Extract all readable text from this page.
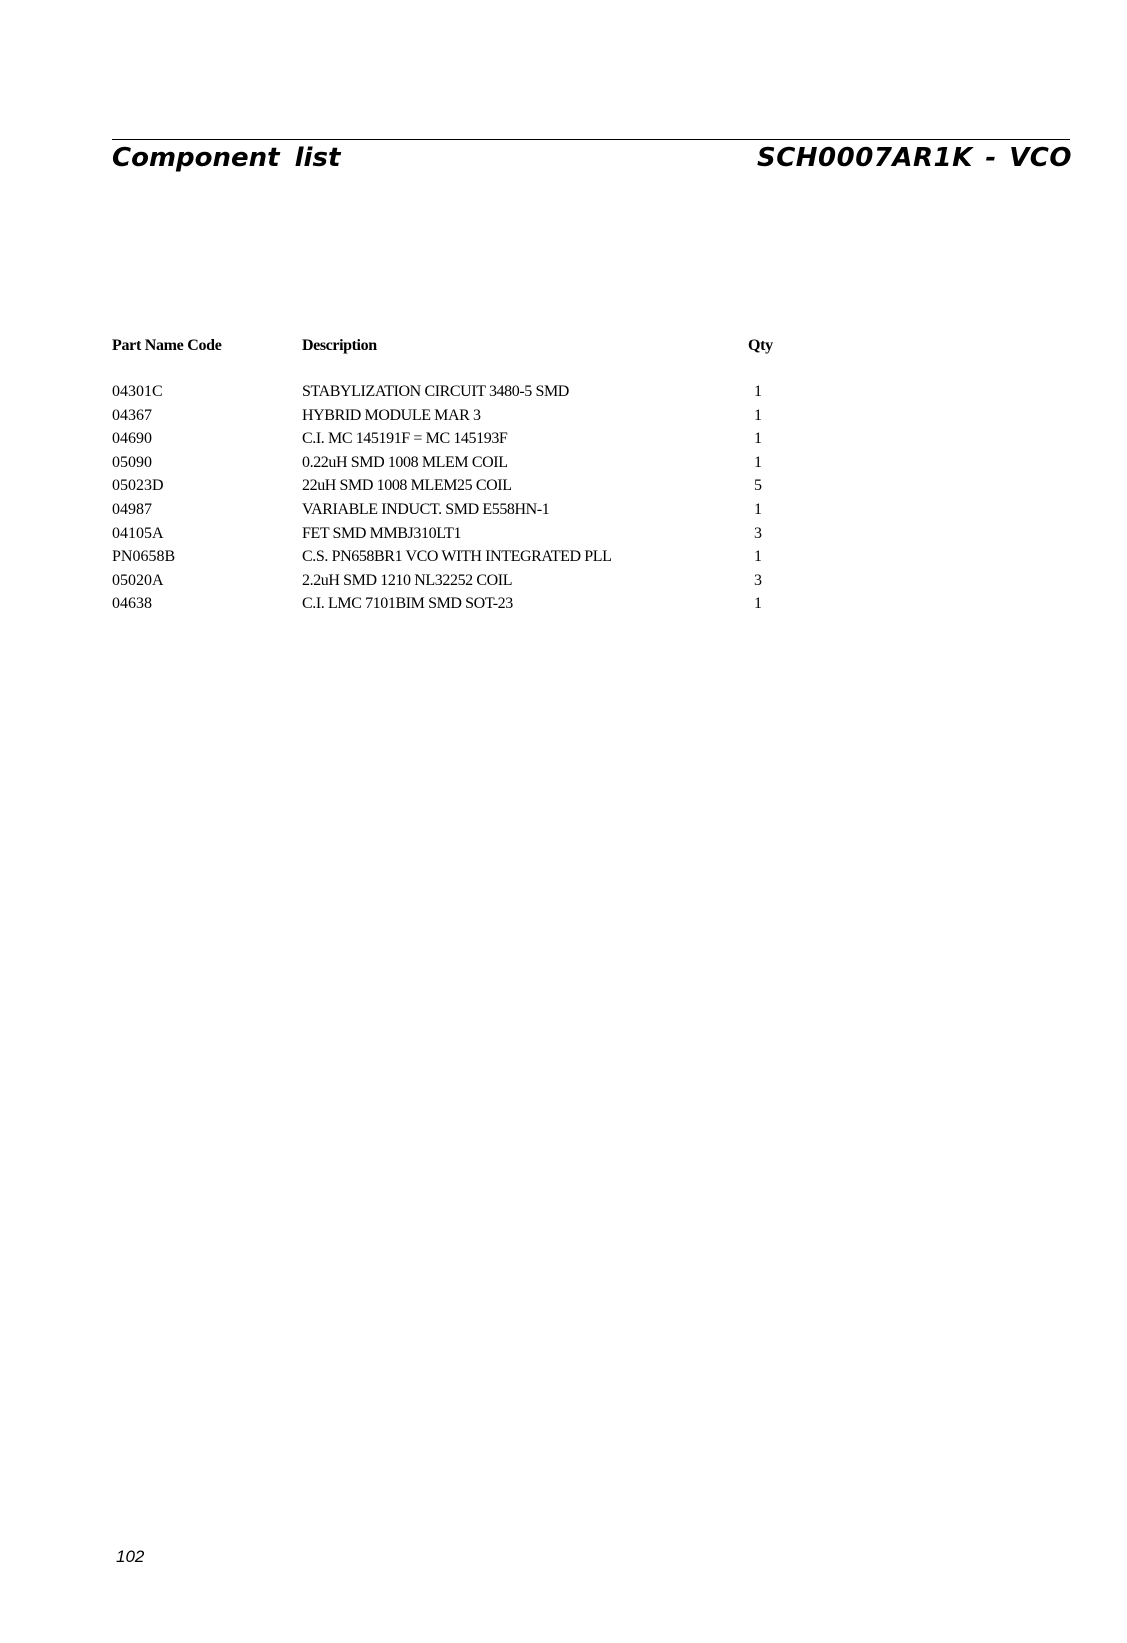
Component list	SCH0007AR1K - VCO
Part Name Code	Description	Qty
04301C	STABYLIZATION CIRCUIT 3480-5 SMD	1
04367	HYBRID MODULE MAR 3	1
04690	C.I. MC 145191F = MC 145193F	1
05090	0.22uH SMD 1008 MLEM COIL	1
05023D	22uH SMD 1008 MLEM25 COIL	5
04987	VARIABLE INDUCT. SMD E558HN-1	1
04105A	FET SMD MMBJ310LT1	3
PN0658B	C.S. PN658BR1 VCO WITH INTEGRATED PLL	1
05020A	2.2uH SMD 1210 NL32252 COIL	3
04638	C.I. LMC 7101BIM SMD SOT-23	1
102
